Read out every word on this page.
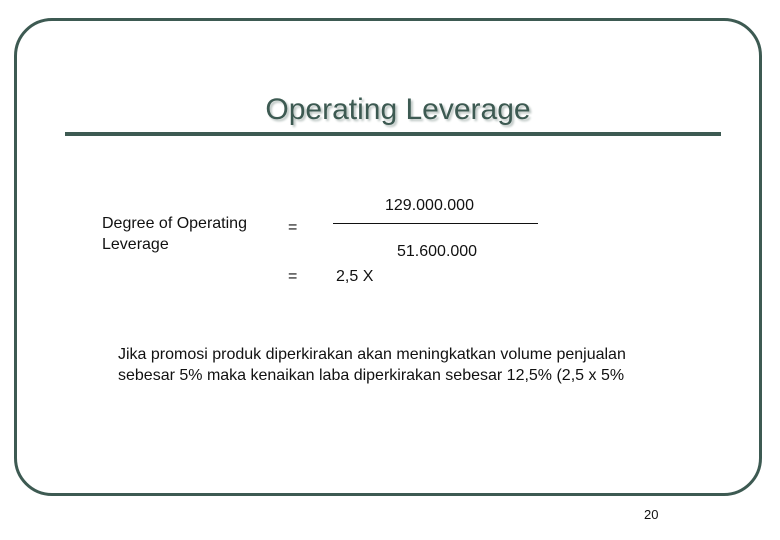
Operating Leverage
Degree of Operating Leverage
=
129.000.000
51.600.000
= 2,5 X
Jika promosi produk diperkirakan akan meningkatkan volume penjualan sebesar 5% maka kenaikan laba diperkirakan sebesar 12,5% (2,5 x 5%
20
